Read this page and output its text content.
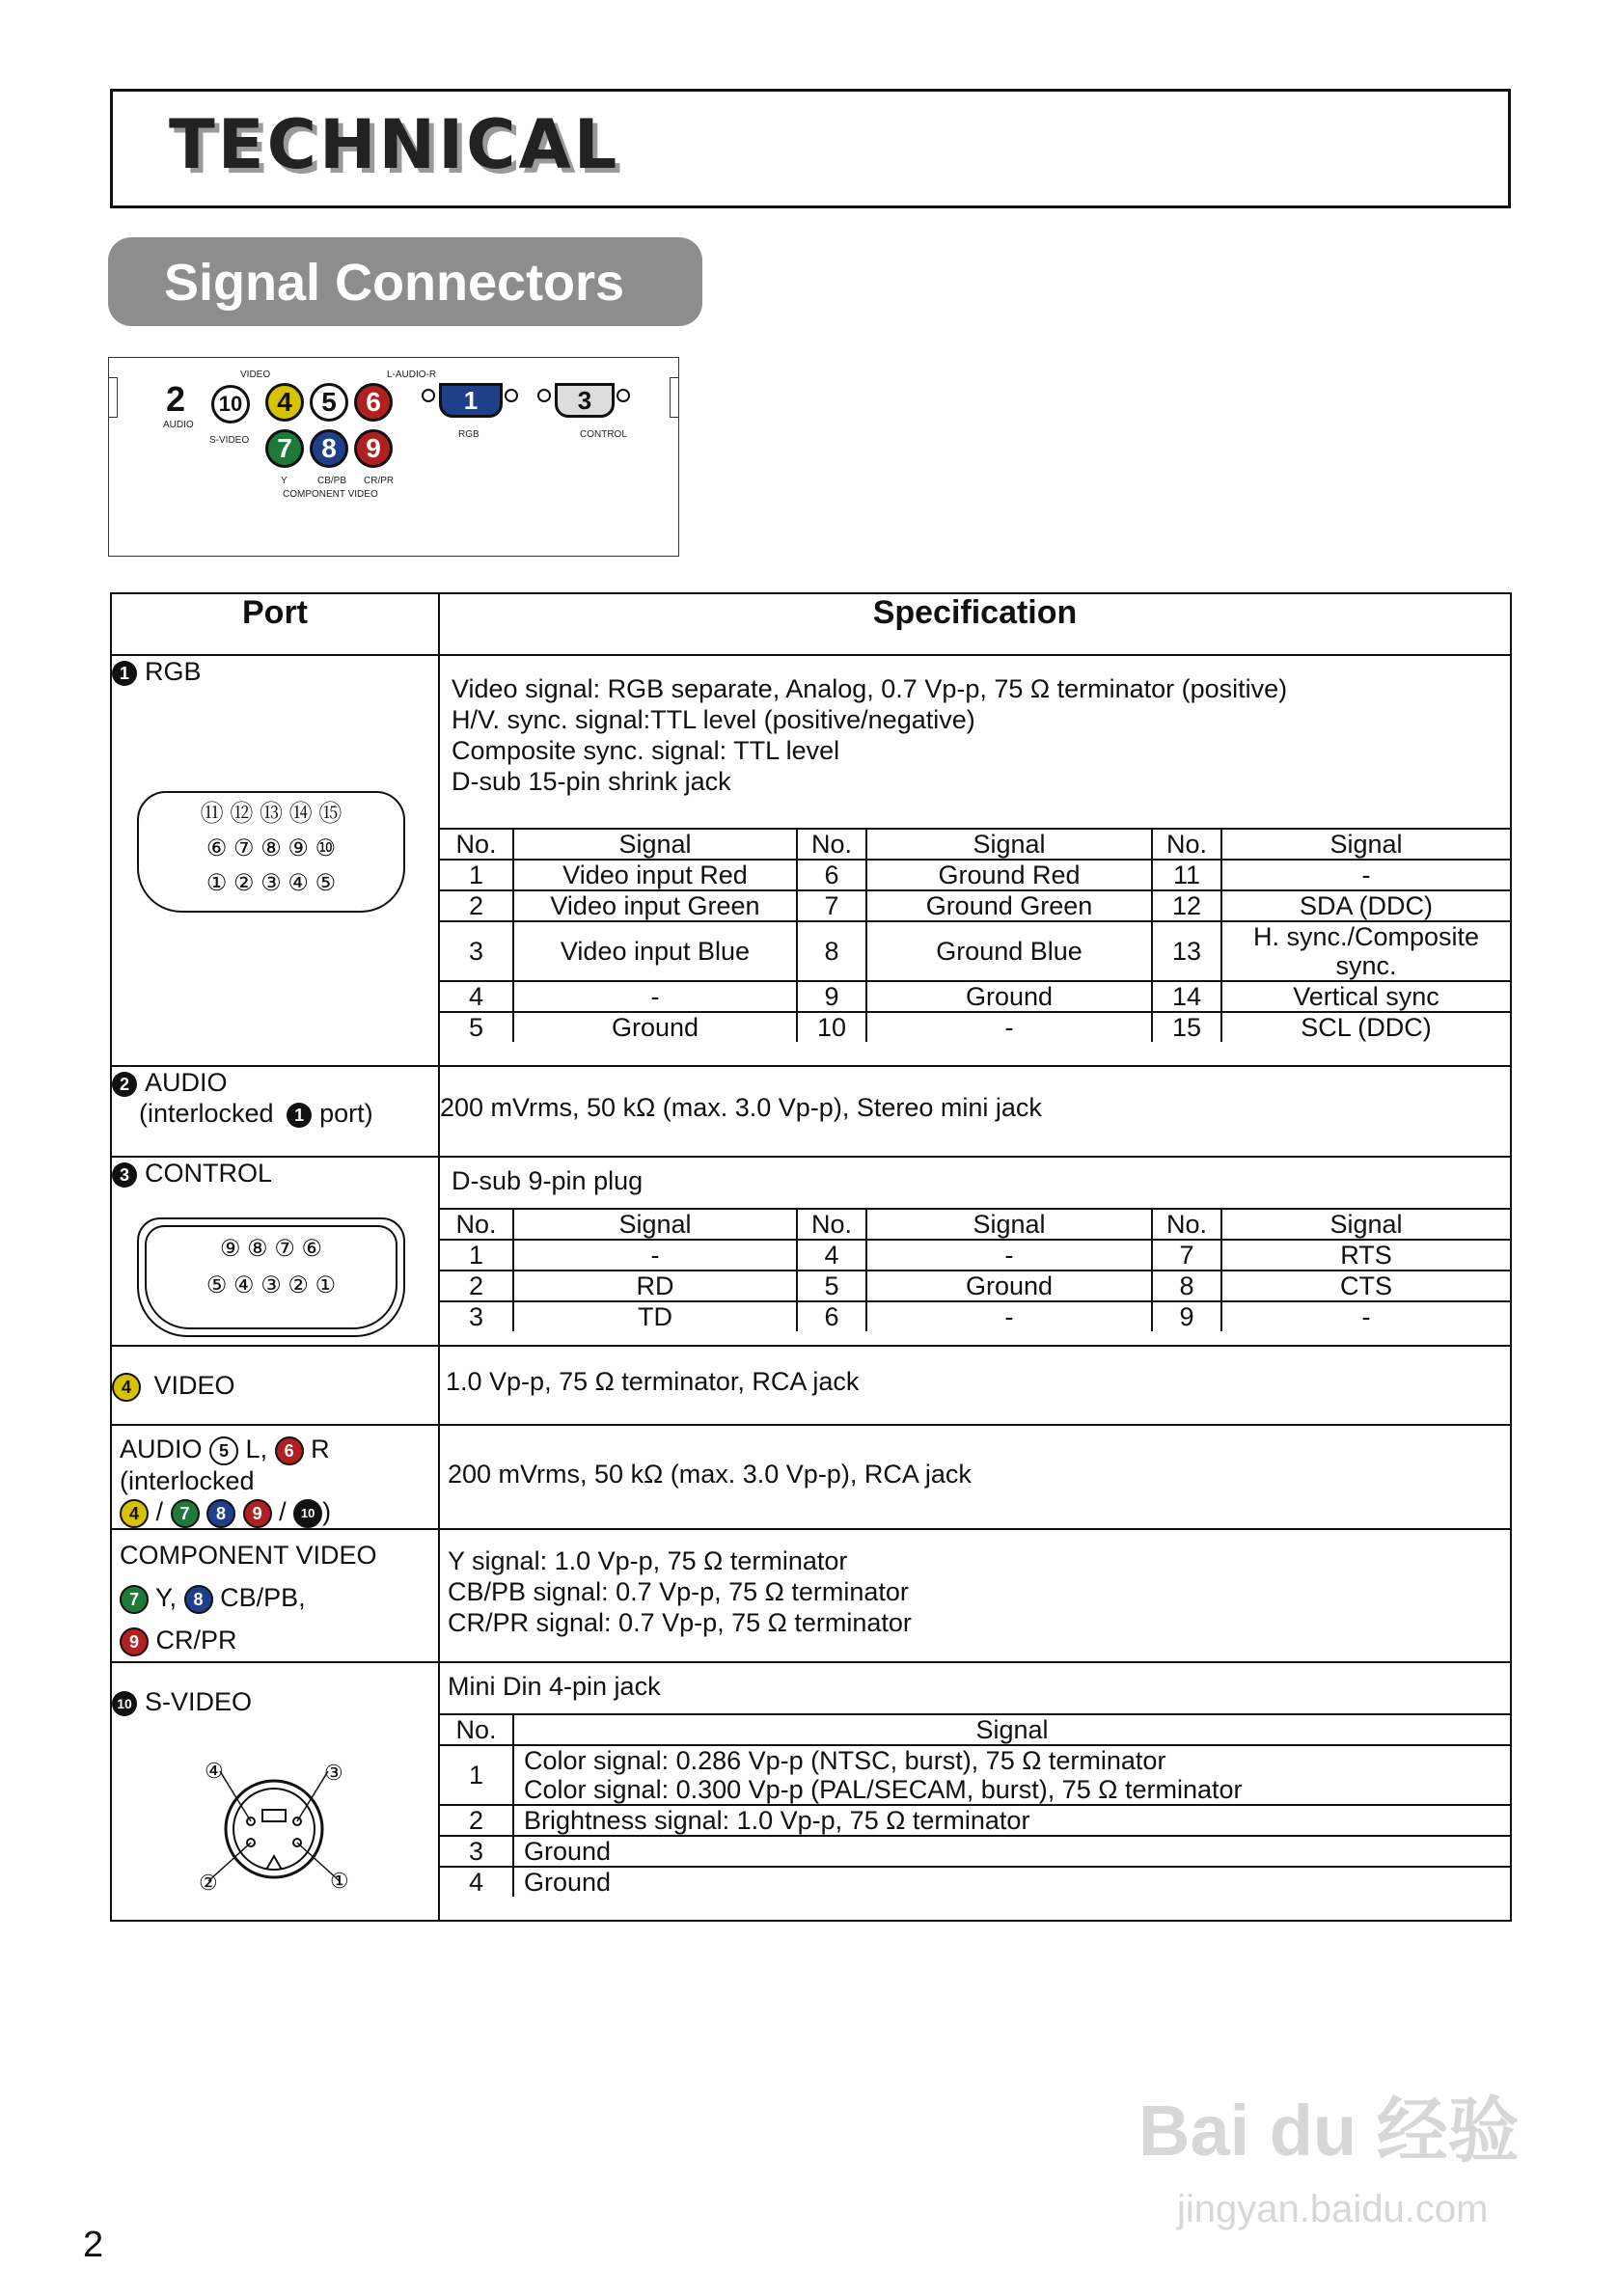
TECHNICAL
Signal Connectors
VIDEO	L-AUDIO-R
2
AUDIO
10
S-VIDEO
4	5	6
7	8	9
Y	CB/PB CR/PR
COMPONENT VIDEO
1
RGB
3
CONTROL
Port	Specification
1 RGB
⑪ ⑫ ⑬ ⑭ ⑮
⑥ ⑦ ⑧ ⑨ ⑩
① ② ③ ④ ⑤

Video signal: RGB separate, Analog, 0.7 Vp-p, 75 Ω terminator (positive)
H/V. sync. signal:TTL level (positive/negative)
Composite sync. signal: TTL level
D-sub 15-pin shrink jack
No.	Signal	No.	Signal	No.	Signal
1	Video input Red	6	Ground Red	11	-
2	Video input Green	7	Ground Green	12	SDA (DDC)
3	Video input Blue	8	Ground Blue	13	H. sync./Composite sync.
4	-	9	Ground	14	Vertical sync
5	Ground	10	-	15	SCL (DDC)

2 AUDIO
(interlocked 1 port)	200 mVrms, 50 kΩ (max. 3.0 Vp-p), Stereo mini jack
3 CONTROL
⑨ ⑧ ⑦ ⑥
⑤ ④ ③ ② ①

D-sub 9-pin plug
No.	Signal	No.	Signal	No.	Signal
1	-	4	-	7	RTS
2	RD	5	Ground	8	CTS
3	TD	6	-	9	-

4 VIDEO	1.0 Vp-p, 75 Ω terminator, RCA jack
AUDIO 5 L, 6 R
(interlocked
4 / 7 8 9 / 10 )	200 mVrms, 50 kΩ (max. 3.0 Vp-p), RCA jack
COMPONENT VIDEO
7 Y, 8 CB/PB,
9 CR/PR	
Y signal: 1.0 Vp-p, 75 Ω terminator
CB/PB signal: 0.7 Vp-p, 75 Ω terminator
CR/PR signal: 0.7 Vp-p, 75 Ω terminator

10 S-VIDEO
④	③
②	①

Mini Din 4-pin jack
No.	Signal
1	Color signal: 0.286 Vp-p (NTSC, burst), 75 Ω terminator
Color signal: 0.300 Vp-p (PAL/SECAM, burst), 75 Ω terminator

2	Brightness signal: 1.0 Vp-p, 75 Ω terminator
3	Ground
4	Ground
Bai du 经验
jingyan.baidu.com
2
